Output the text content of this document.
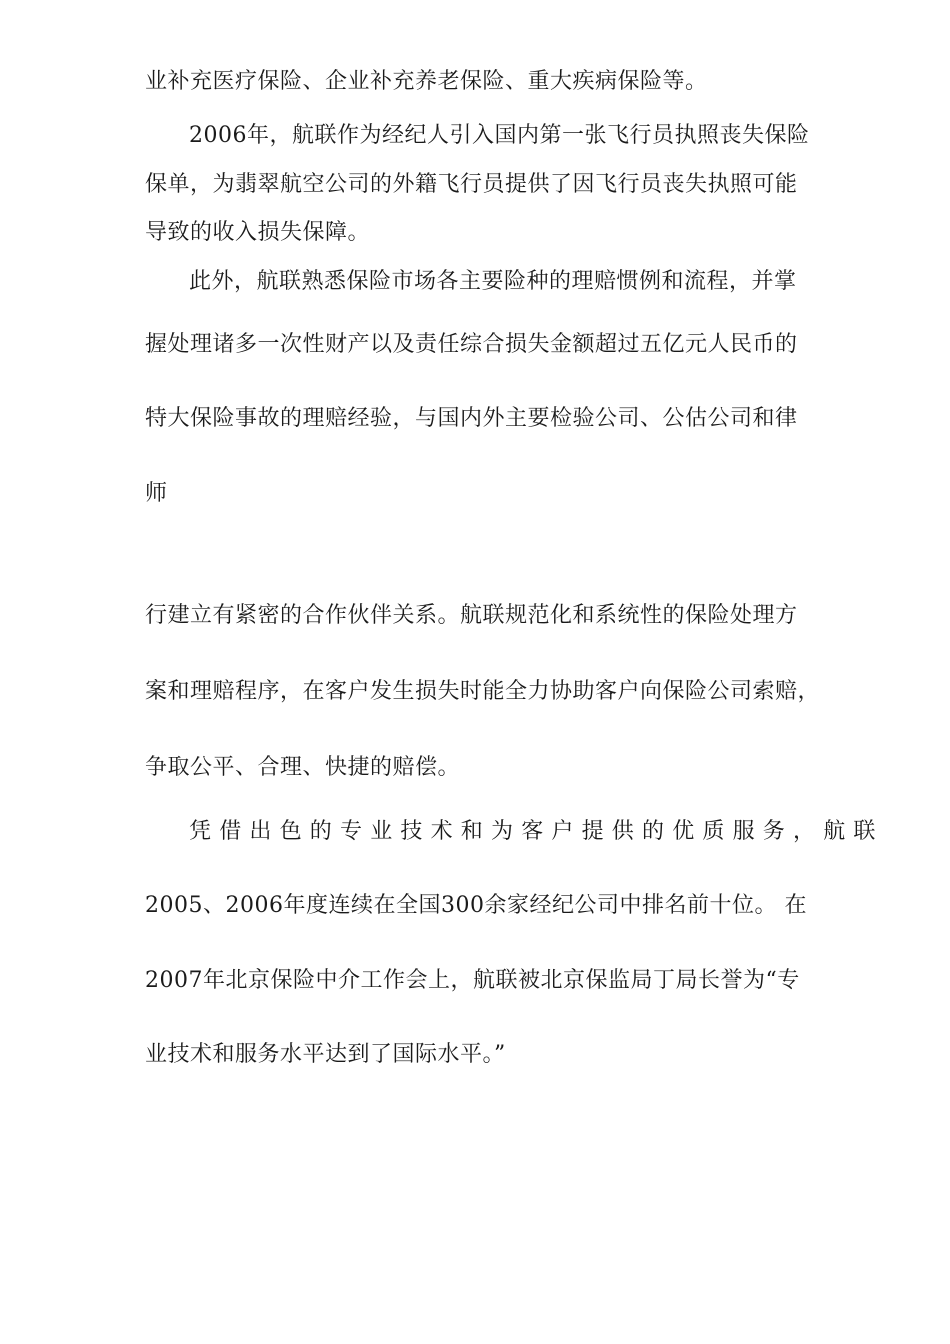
业补充医疗保险、企业补充养老保险、重大疾病保险等。
2006年，航联作为经纪人引入国内第一张飞行员执照丧失保险
保单，为翡翠航空公司的外籍飞行员提供了因飞行员丧失执照可能
导致的收入损失保障。
此外，航联熟悉保险市场各主要险种的理赔惯例和流程，并掌
握处理诸多一次性财产以及责任综合损失金额超过五亿元人民币的
特大保险事故的理赔经验，与国内外主要检验公司、公估公司和律
师
行建立有紧密的合作伙伴关系。航联规范化和系统性的保险处理方
案和理赔程序，在客户发生损失时能全力协助客户向保险公司索赔，
争取公平、合理、快捷的赔偿。
凭借出色的专业技术和为客户提供的优质服务，航联
2005、2006年度连续在全国300余家经纪公司中排名前十位。 在
2007年北京保险中介工作会上，航联被北京保监局丁局长誉为“专
业技术和服务水平达到了国际水平。”
